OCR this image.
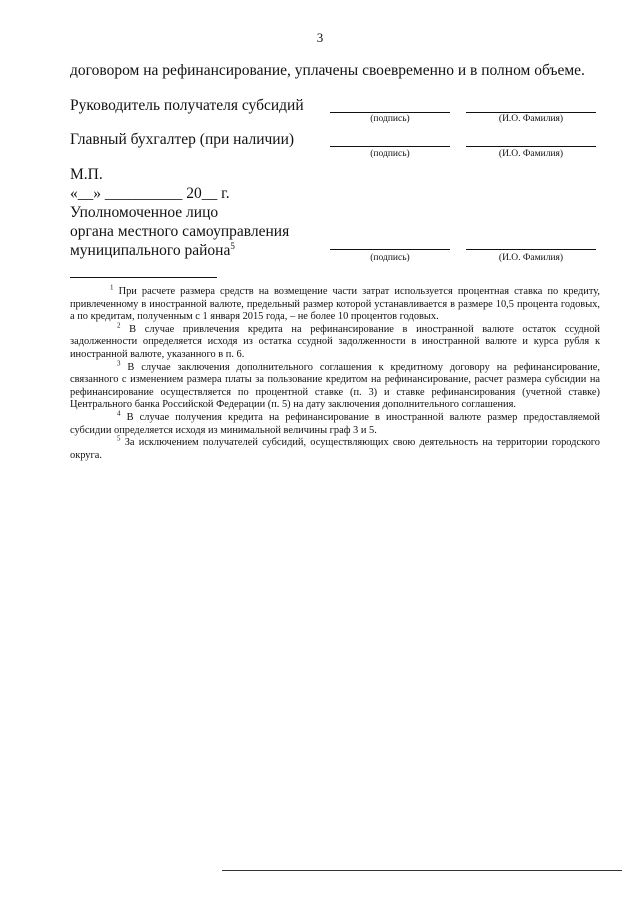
3
договором на рефинансирование, уплачены своевременно и в полном объеме.
Руководитель получателя субсидий
(подпись)	(И.О. Фамилия)
Главный бухгалтер (при наличии)
(подпись)	(И.О. Фамилия)
М.П.
«__» __________ 20__ г.
Уполномоченное лицо
органа местного самоуправления
муниципального района$^5$
(подпись)	(И.О. Фамилия)

$^1$ При расчете размера средств на возмещение части затрат используется процентная ставка по кредиту, привлеченному в иностранной валюте, предельный размер которой устанавливается в размере 10,5 процента годовых, а по кредитам, полученным с 1 января 2015 года, – не более 10 процентов годовых.

$^2$ В случае привлечения кредита на рефинансирование в иностранной валюте остаток ссудной задолженности определяется исходя из остатка ссудной задолженности в иностранной валюте и курса рубля к иностранной валюте, указанного в п. 6.

$^3$ В случае заключения дополнительного соглашения к кредитному договору на рефинансирование, связанного с изменением размера платы за пользование кредитом на рефинансирование, расчет размера субсидии на рефинансирование осуществляется по процентной ставке (п. 3) и ставке рефинансирования (учетной ставке) Центрального банка Российской Федерации (п. 5) на дату заключения дополнительного соглашения.

$^4$ В случае получения кредита на рефинансирование в иностранной валюте размер предоставляемой субсидии определяется исходя из минимальной величины граф 3 и 5.

$^5$ За исключением получателей субсидий, осуществляющих свою деятельность на территории городского округа.
